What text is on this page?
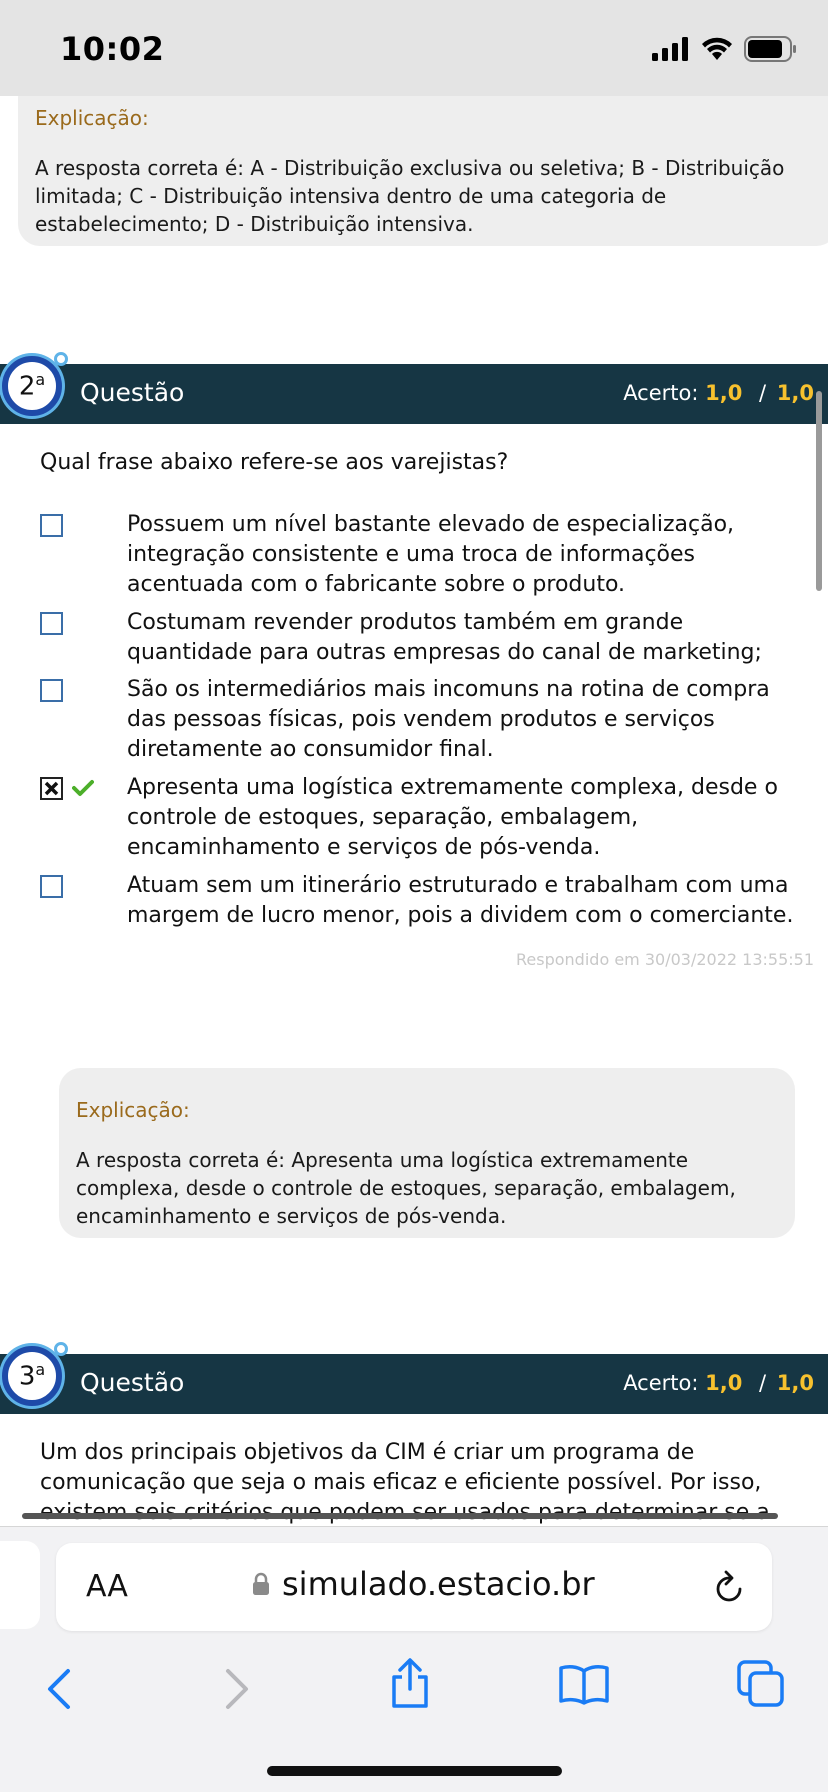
10:02
Explicação:
A resposta correta é: A - Distribuição exclusiva ou seletiva; B - Distribuição limitada; C - Distribuição intensiva dentro de uma categoria de estabelecimento; D - Distribuição intensiva.
Questão	Acerto: 1,0 / 1,0
2$^a$
Qual frase abaixo refere-se aos varejistas?
Possuem um nível bastante elevado de especialização, integração consistente e uma troca de informações acentuada com o fabricante sobre o produto.
Costumam revender produtos também em grande quantidade para outras empresas do canal de marketing;
São os intermediários mais incomuns na rotina de compra das pessoas físicas, pois vendem produtos e serviços diretamente ao consumidor final.
Apresenta uma logística extremamente complexa, desde o controle de estoques, separação, embalagem, encaminhamento e serviços de pós-venda.
Atuam sem um itinerário estruturado e trabalham com uma margem de lucro menor, pois a dividem com o comerciante.
Respondido em 30/03/2022 13:55:51
Explicação:
A resposta correta é: Apresenta uma logística extremamente complexa, desde o controle de estoques, separação, embalagem, encaminhamento e serviços de pós-venda.
Questão	Acerto: 1,0 / 1,0
3$^a$
Um dos principais objetivos da CIM é criar um programa de comunicação que seja o mais eficaz e eficiente possível. Por isso,
AA	simulado.estacio.br
